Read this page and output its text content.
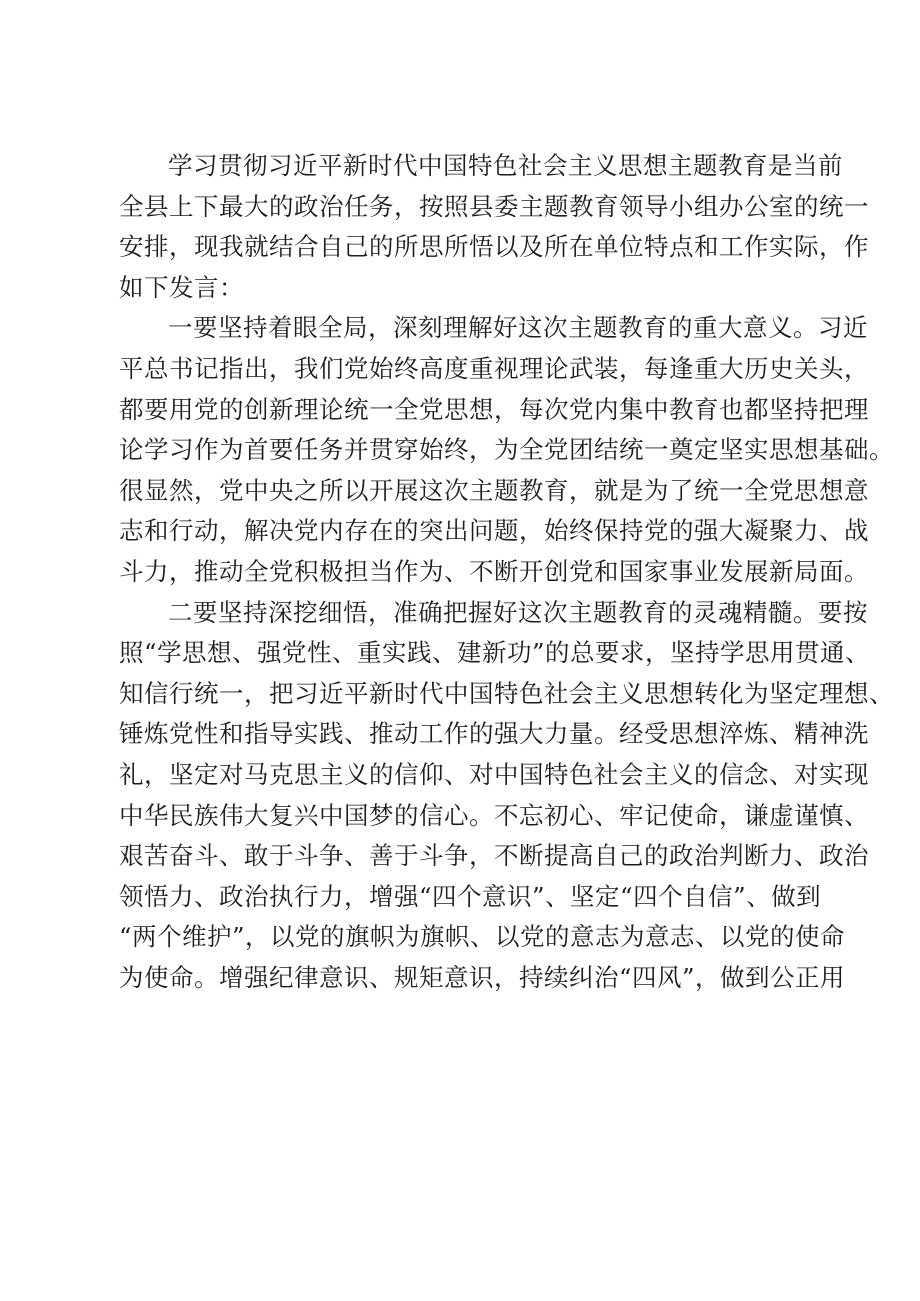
学习贯彻习近平新时代中国特色社会主义思想主题教育是当前
全县上下最大的政治任务，按照县委主题教育领导小组办公室的统一
安排，现我就结合自己的所思所悟以及所在单位特点和工作实际，作
如下发言：
一要坚持着眼全局，深刻理解好这次主题教育的重大意义。习近
平总书记指出，我们党始终高度重视理论武装，每逢重大历史关头，
都要用党的创新理论统一全党思想，每次党内集中教育也都坚持把理
论学习作为首要任务并贯穿始终，为全党团结统一奠定坚实思想基础。
很显然，党中央之所以开展这次主题教育，就是为了统一全党思想意
志和行动，解决党内存在的突出问题，始终保持党的强大凝聚力、战
斗力，推动全党积极担当作为、不断开创党和国家事业发展新局面。
二要坚持深挖细悟，准确把握好这次主题教育的灵魂精髓。要按
照“学思想、强党性、重实践、建新功”的总要求，坚持学思用贯通、
知信行统一，把习近平新时代中国特色社会主义思想转化为坚定理想、
锤炼党性和指导实践、推动工作的强大力量。经受思想淬炼、精神洗
礼，坚定对马克思主义的信仰、对中国特色社会主义的信念、对实现
中华民族伟大复兴中国梦的信心。不忘初心、牢记使命，谦虚谨慎、
艰苦奋斗、敢于斗争、善于斗争，不断提高自己的政治判断力、政治
领悟力、政治执行力，增强“四个意识”、坚定“四个自信”、做到
“两个维护”，以党的旗帜为旗帜、以党的意志为意志、以党的使命
为使命。增强纪律意识、规矩意识，持续纠治“四风”，做到公正用
